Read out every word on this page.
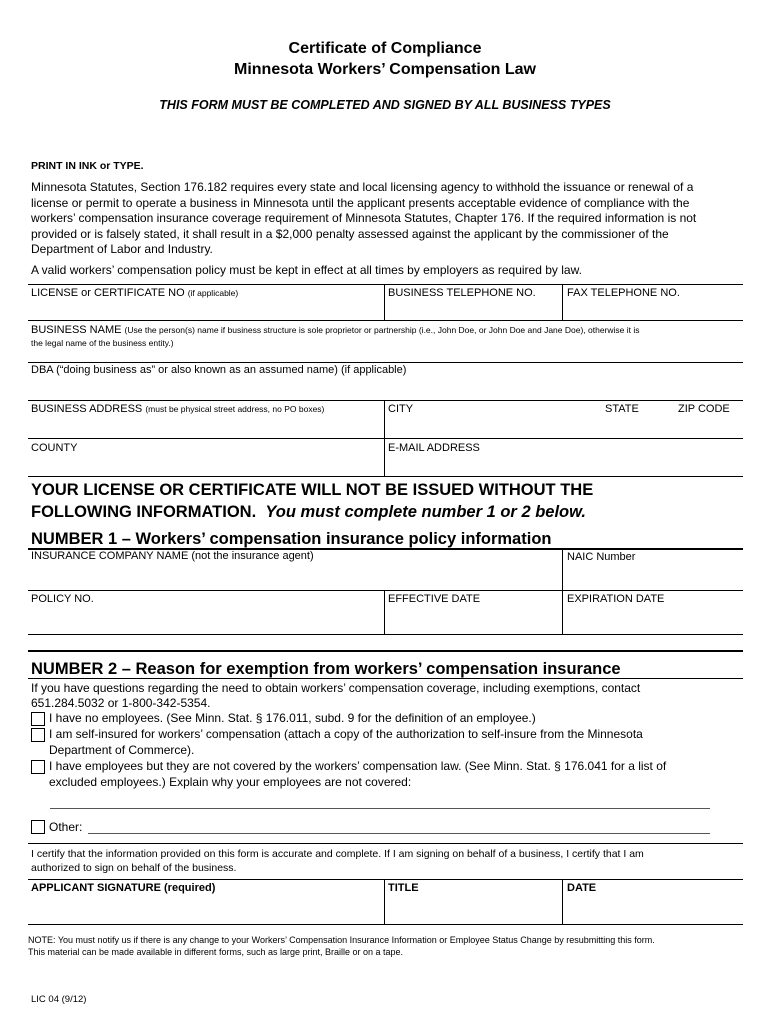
Certificate of Compliance
Minnesota Workers’ Compensation Law
THIS FORM MUST BE COMPLETED AND SIGNED BY ALL BUSINESS TYPES
PRINT IN INK or TYPE.
Minnesota Statutes, Section 176.182 requires every state and local licensing agency to withhold the issuance or renewal of a
license or permit to operate a business in Minnesota until the applicant presents acceptable evidence of compliance with the
workers’ compensation insurance coverage requirement of Minnesota Statutes, Chapter 176. If the required information is not
provided or is falsely stated, it shall result in a $2,000 penalty assessed against the applicant by the commissioner of the
Department of Labor and Industry.
A valid workers’ compensation policy must be kept in effect at all times by employers as required by law.
LICENSE or CERTIFICATE NO (if applicable)	BUSINESS TELEPHONE NO.	FAX TELEPHONE NO.
BUSINESS NAME (Use the person(s) name if business structure is sole proprietor or partnership (i.e., John Doe, or John Doe and Jane Doe), otherwise it is
the legal name of the business entity.)
DBA (“doing business as” or also known as an assumed name) (if applicable)
BUSINESS ADDRESS (must be physical street address, no PO boxes)	CITY	STATE	ZIP CODE
COUNTY	E-MAIL ADDRESS
YOUR LICENSE OR CERTIFICATE WILL NOT BE ISSUED WITHOUT THE
FOLLOWING INFORMATION. You must complete number 1 or 2 below.
NUMBER 1 – Workers’ compensation insurance policy information
INSURANCE COMPANY NAME (not the insurance agent)	NAIC Number
POLICY NO.	EFFECTIVE DATE	EXPIRATION DATE
NUMBER 2 – Reason for exemption from workers’ compensation insurance
If you have questions regarding the need to obtain workers’ compensation coverage, including exemptions, contact
651.284.5032 or 1-800-342-5354.
I have no employees. (See Minn. Stat. § 176.011, subd. 9 for the definition of an employee.)
I am self-insured for workers’ compensation (attach a copy of the authorization to self-insure from the Minnesota
Department of Commerce).
I have employees but they are not covered by the workers’ compensation law. (See Minn. Stat. § 176.041 for a list of
excluded employees.) Explain why your employees are not covered:
Other:
I certify that the information provided on this form is accurate and complete. If I am signing on behalf of a business, I certify that I am
authorized to sign on behalf of the business.
APPLICANT SIGNATURE (required)	TITLE	DATE
NOTE: You must notify us if there is any change to your Workers’ Compensation Insurance Information or Employee Status Change by resubmitting this form.
This material can be made available in different forms, such as large print, Braille or on a tape.
LIC 04 (9/12)
